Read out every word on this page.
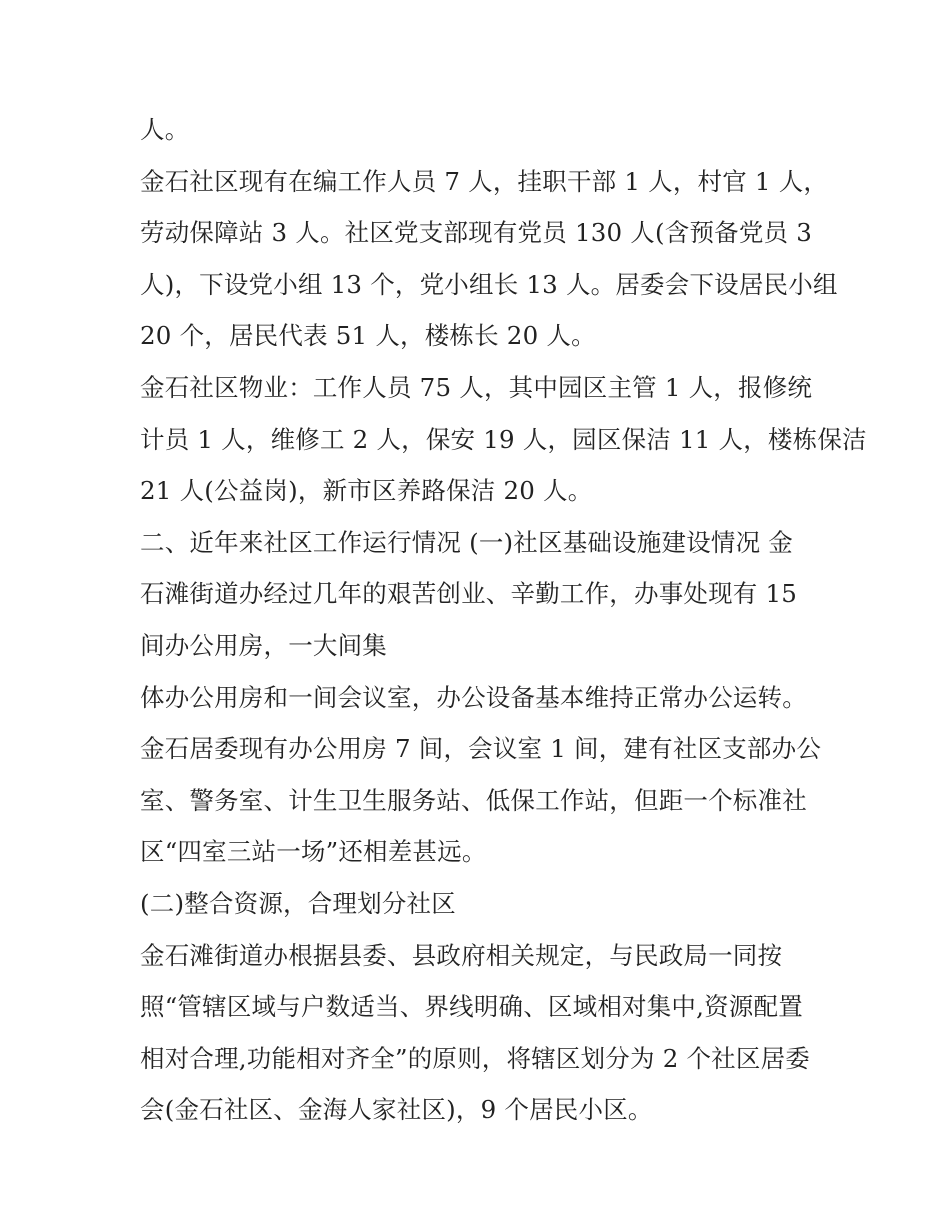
人。
金石社区现有在编工作人员 7 人，挂职干部 1 人，村官 1 人，
劳动保障站 3 人。社区党支部现有党员 130 人(含预备党员 3
人)，下设党小组 13 个，党小组长 13 人。居委会下设居民小组
20 个，居民代表 51 人，楼栋长 20 人。
金石社区物业：工作人员 75 人，其中园区主管 1 人，报修统
计员 1 人，维修工 2 人，保安 19 人，园区保洁 11 人，楼栋保洁
21 人(公益岗)，新市区养路保洁 20 人。
二、近年来社区工作运行情况 (一)社区基础设施建设情况 金
石滩街道办经过几年的艰苦创业、辛勤工作，办事处现有 15
间办公用房，一大间集
体办公用房和一间会议室，办公设备基本维持正常办公运转。
金石居委现有办公用房 7 间，会议室 1 间，建有社区支部办公
室、警务室、计生卫生服务站、低保工作站，但距一个标准社
区“四室三站一场”还相差甚远。
(二)整合资源，合理划分社区
金石滩街道办根据县委、县政府相关规定，与民政局一同按
照“管辖区域与户数适当、界线明确、区域相对集中,资源配置
相对合理,功能相对齐全”的原则，将辖区划分为 2 个社区居委
会(金石社区、金海人家社区)，9 个居民小区。
